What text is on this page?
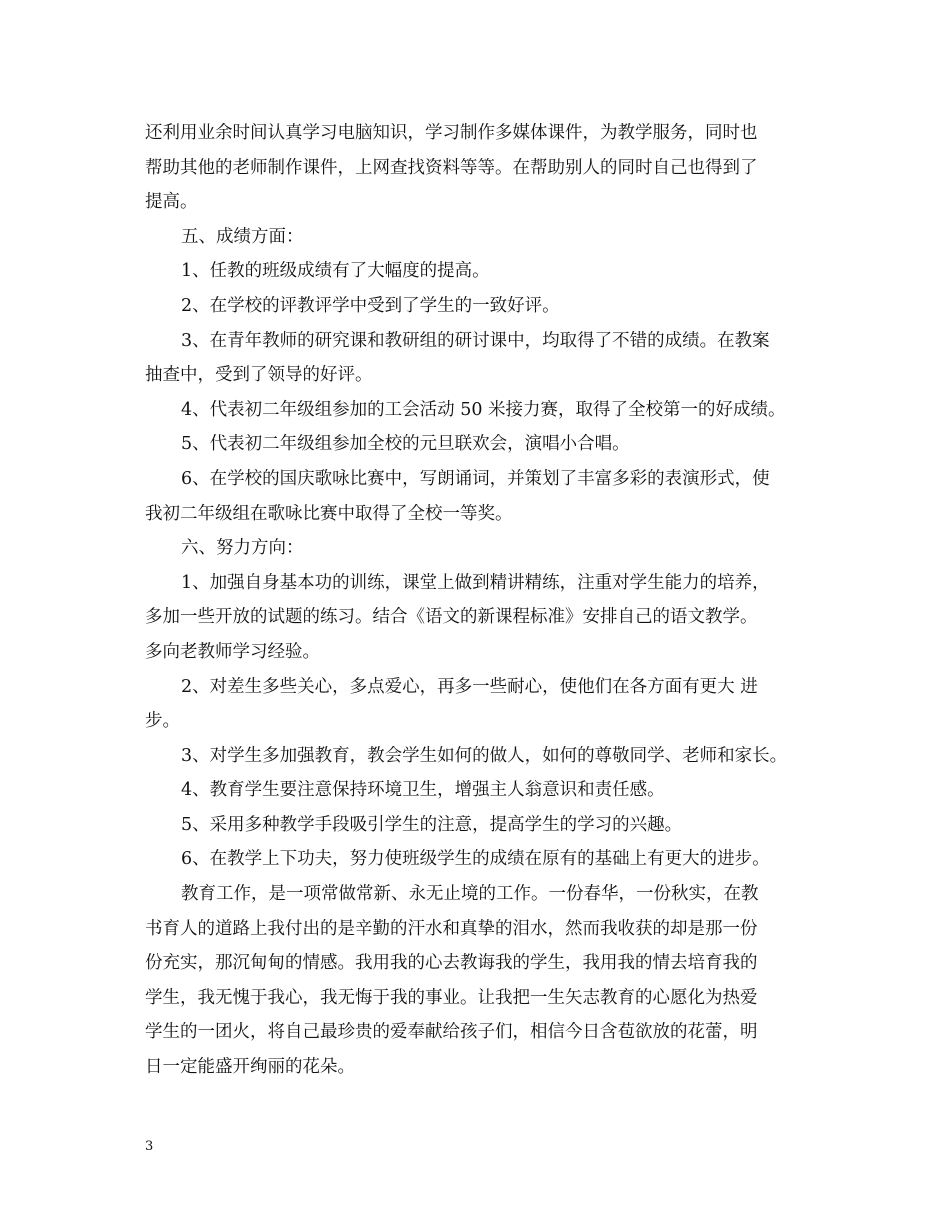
还利用业余时间认真学习电脑知识，学习制作多媒体课件，为教学服务，同时也
帮助其他的老师制作课件，上网查找资料等等。在帮助别人的同时自己也得到了
提高。
五、成绩方面：
1、任教的班级成绩有了大幅度的提高。
2、在学校的评教评学中受到了学生的一致好评。
3、在青年教师的研究课和教研组的研讨课中，均取得了不错的成绩。在教案
抽查中，受到了领导的好评。
4、代表初二年级组参加的工会活动 50 米接力赛，取得了全校第一的好成绩。
5、代表初二年级组参加全校的元旦联欢会，演唱小合唱。
6、在学校的国庆歌咏比赛中，写朗诵词，并策划了丰富多彩的表演形式，使
我初二年级组在歌咏比赛中取得了全校一等奖。
六、努力方向：
1、加强自身基本功的训练，课堂上做到精讲精练，注重对学生能力的培养，
多加一些开放的试题的练习。结合《语文的新课程标准》安排自己的语文教学。
多向老教师学习经验。
2、对差生多些关心，多点爱心，再多一些耐心，使他们在各方面有更大 进
步。
3、对学生多加强教育，教会学生如何的做人，如何的尊敬同学、老师和家长。
4、教育学生要注意保持环境卫生，增强主人翁意识和责任感。
5、采用多种教学手段吸引学生的注意，提高学生的学习的兴趣。
6、在教学上下功夫，努力使班级学生的成绩在原有的基础上有更大的进步。
教育工作，是一项常做常新、永无止境的工作。一份春华，一份秋实，在教
书育人的道路上我付出的是辛勤的汗水和真挚的泪水，然而我收获的却是那一份
份充实，那沉甸甸的情感。我用我的心去教诲我的学生，我用我的情去培育我的
学生，我无愧于我心，我无悔于我的事业。让我把一生矢志教育的心愿化为热爱
学生的一团火，将自己最珍贵的爱奉献给孩子们，相信今日含苞欲放的花蕾，明
日一定能盛开绚丽的花朵。
3
